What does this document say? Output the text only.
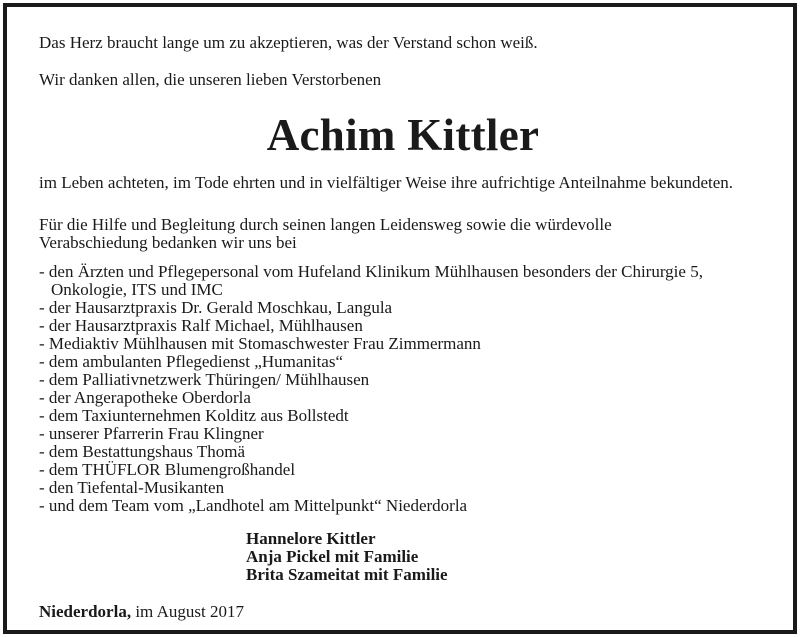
Das Herz braucht lange um zu akzeptieren, was der Verstand schon weiß.
Wir danken allen, die unseren lieben Verstorbenen
Achim Kittler
im Leben achteten, im Tode ehrten und in vielfältiger Weise ihre aufrichtige Anteilnahme bekundeten.
Für die Hilfe und Begleitung durch seinen langen Leidensweg sowie die würdevolle
Verabschiedung bedanken wir uns bei
- den Ärzten und Pflegepersonal vom Hufeland Klinikum Mühlhausen besonders der Chirurgie 5,
Onkologie, ITS und IMC
- der Hausarztpraxis Dr. Gerald Moschkau, Langula
- der Hausarztpraxis Ralf Michael, Mühlhausen
- Mediaktiv Mühlhausen mit Stomaschwester Frau Zimmermann
- dem ambulanten Pflegedienst „Humanitas“
- dem Palliativnetzwerk Thüringen/ Mühlhausen
- der Angerapotheke Oberdorla
- dem Taxiunternehmen Kolditz aus Bollstedt
- unserer Pfarrerin Frau Klingner
- dem Bestattungshaus Thomä
- dem THÜFLOR Blumengroßhandel
- den Tiefental-Musikanten
- und dem Team vom „Landhotel am Mittelpunkt“ Niederdorla
Hannelore Kittler
Anja Pickel mit Familie
Brita Szameitat mit Familie
Niederdorla, im August 2017
